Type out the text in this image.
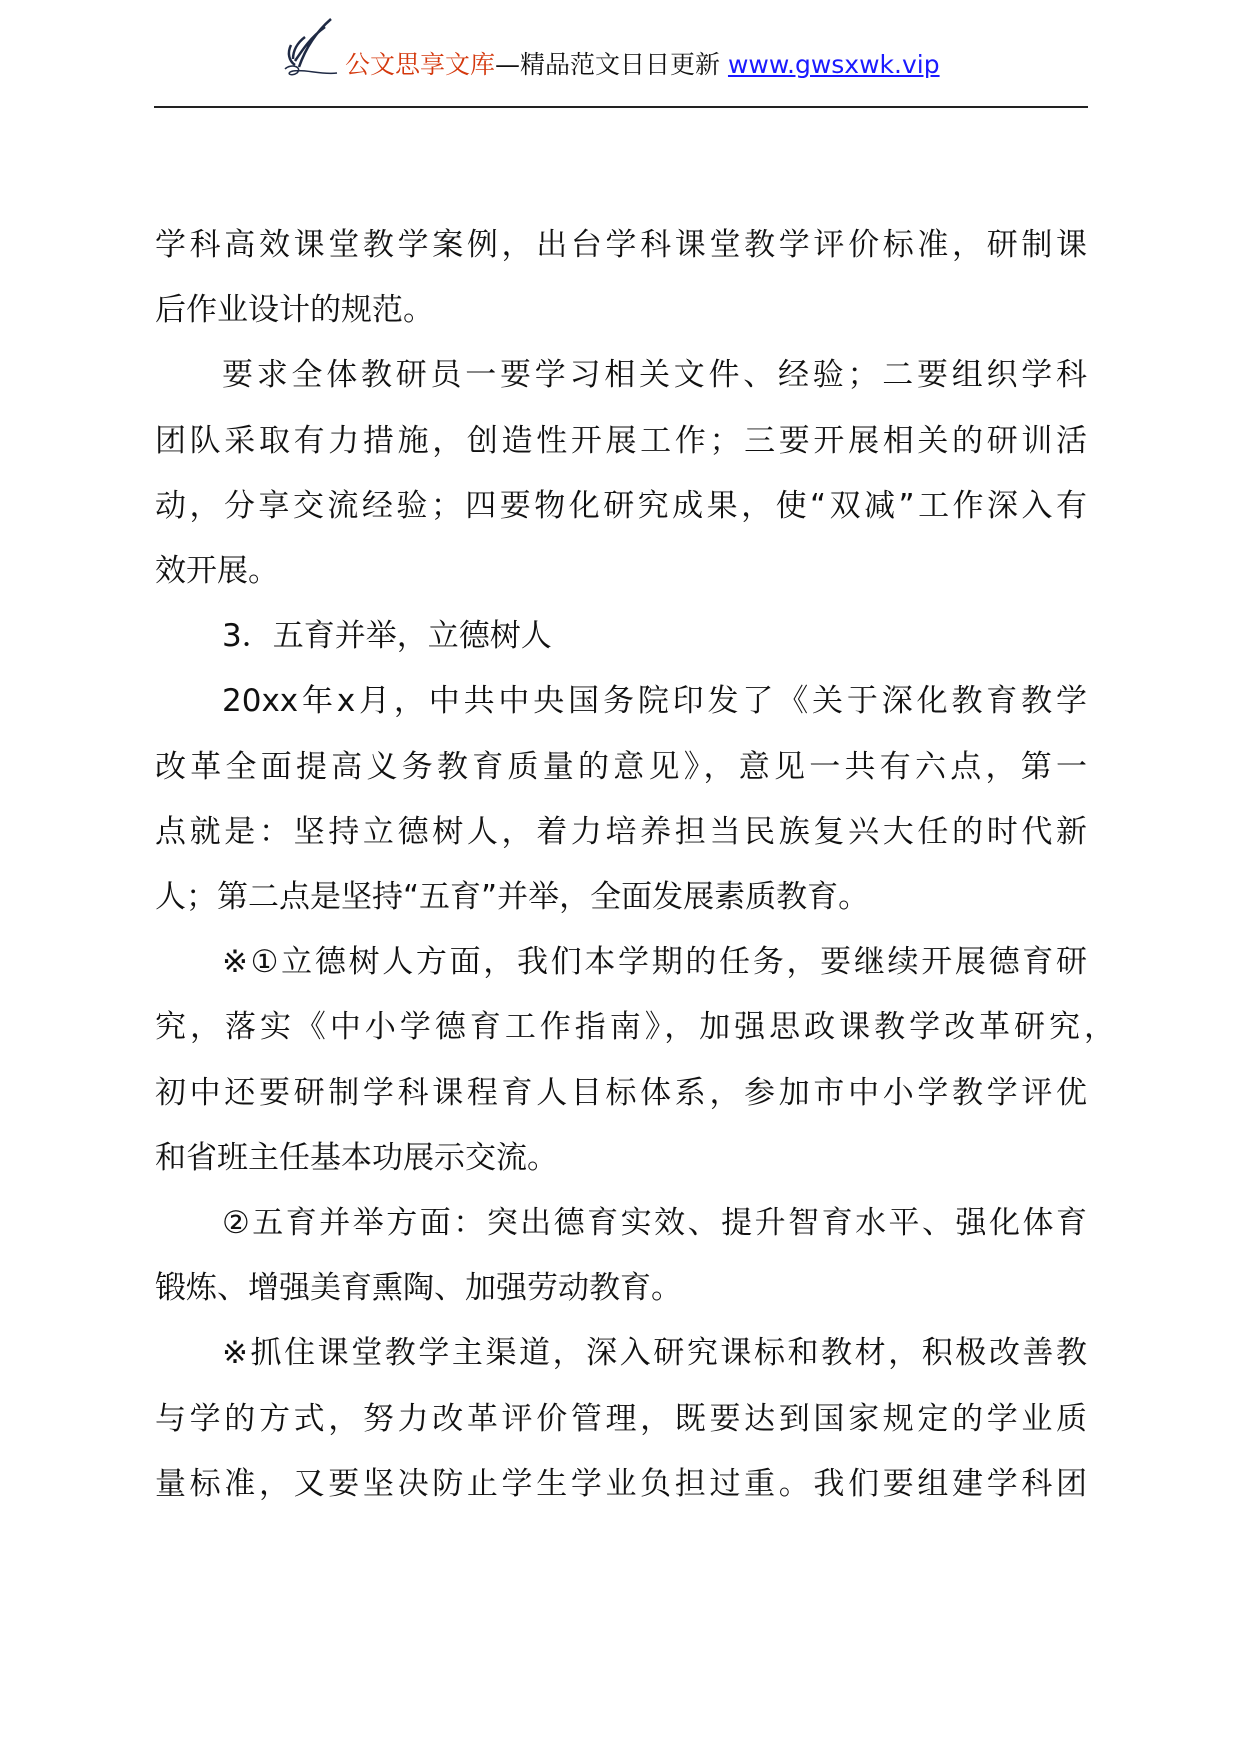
公文思享文库—精品范文日日更新 www.gwsxwk.vip
学科高效课堂教学案例，出台学科课堂教学评价标准，研制课
后作业设计的规范。
要求全体教研员一要学习相关文件、经验；二要组织学科
团队采取有力措施，创造性开展工作；三要开展相关的研训活
动，分享交流经验；四要物化研究成果，使“双减”工作深入有
效开展。
3．五育并举，立德树人
20xx年x月，中共中央国务院印发了《关于深化教育教学
改革全面提高义务教育质量的意见》，意见一共有六点，第一
点就是：坚持立德树人，着力培养担当民族复兴大任的时代新
人；第二点是坚持“五育”并举，全面发展素质教育。
※①立德树人方面，我们本学期的任务，要继续开展德育研
究，落实《中小学德育工作指南》，加强思政课教学改革研究，
初中还要研制学科课程育人目标体系，参加市中小学教学评优
和省班主任基本功展示交流。
②五育并举方面：突出德育实效、提升智育水平、强化体育
锻炼、增强美育熏陶、加强劳动教育。
※抓住课堂教学主渠道，深入研究课标和教材，积极改善教
与学的方式，努力改革评价管理，既要达到国家规定的学业质
量标准，又要坚决防止学生学业负担过重。我们要组建学科团
